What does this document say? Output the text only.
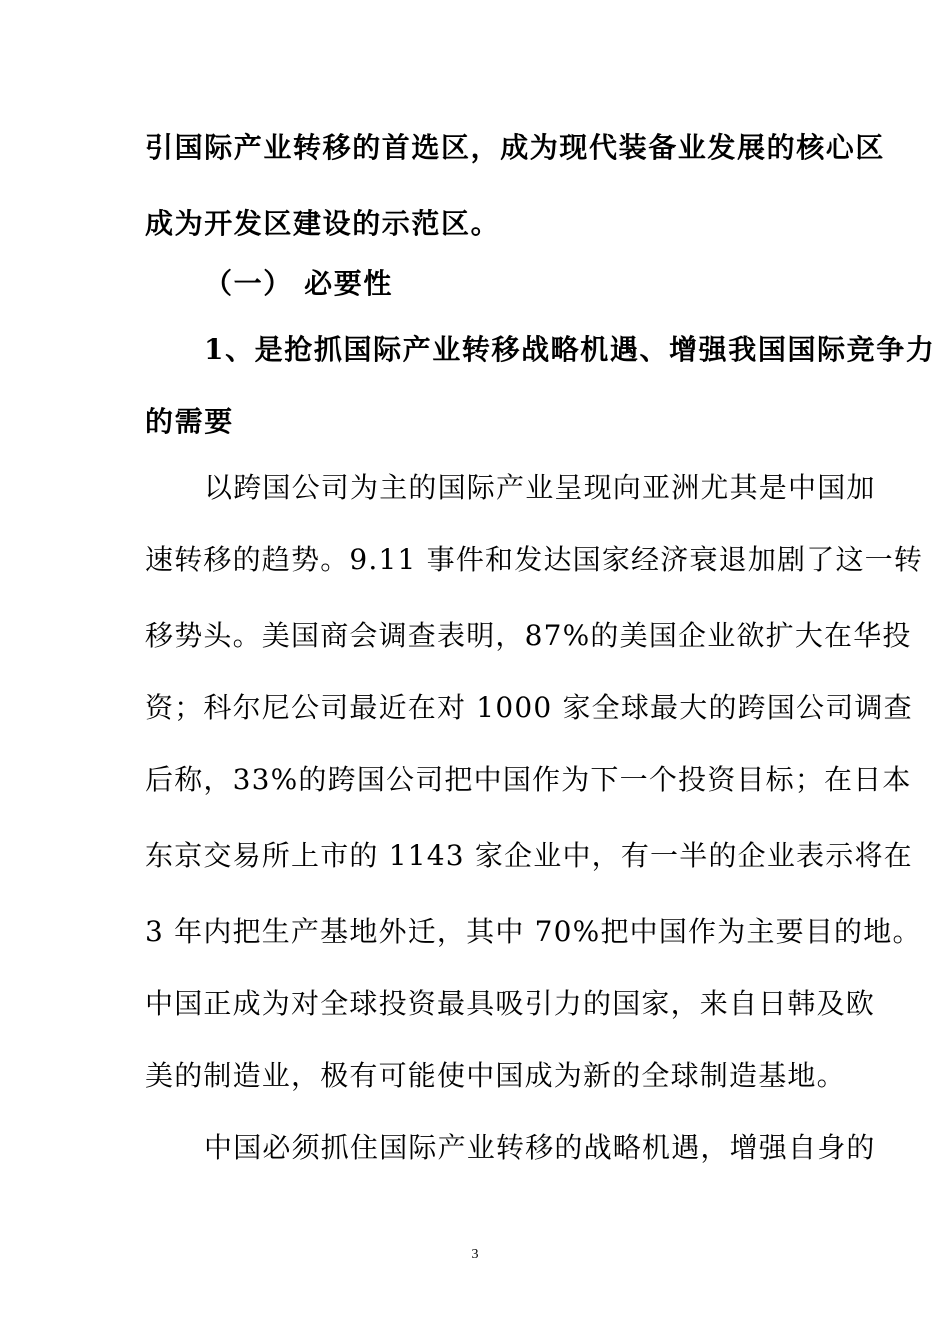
引国际产业转移的首选区，成为现代装备业发展的核心区
成为开发区建设的示范区。
（一） 必要性
1、是抢抓国际产业转移战略机遇、增强我国国际竞争力
的需要
以跨国公司为主的国际产业呈现向亚洲尤其是中国加
速转移的趋势。9.11 事件和发达国家经济衰退加剧了这一转
移势头。美国商会调查表明，87%的美国企业欲扩大在华投
资；科尔尼公司最近在对 1000 家全球最大的跨国公司调查
后称，33%的跨国公司把中国作为下一个投资目标；在日本
东京交易所上市的 1143 家企业中，有一半的企业表示将在
3 年内把生产基地外迁，其中 70%把中国作为主要目的地。
中国正成为对全球投资最具吸引力的国家，来自日韩及欧
美的制造业，极有可能使中国成为新的全球制造基地。
中国必须抓住国际产业转移的战略机遇，增强自身的
3
